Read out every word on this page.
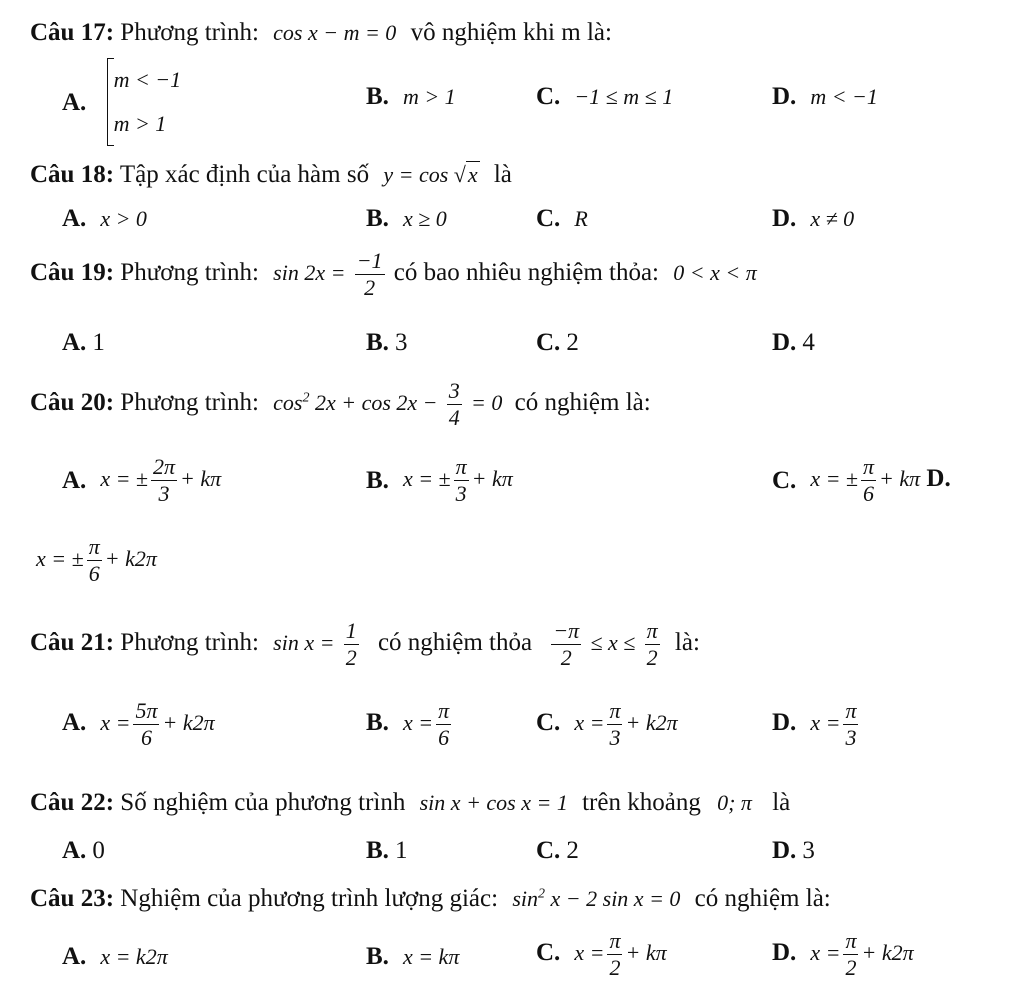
Câu 17: Phương trình: cos x − m = 0 vô nghiệm khi m là:
A.
m < −1
m > 1
B. m > 1	C. −1 ≤ m ≤ 1	D. m < −1
Câu 18: Tập xác định của hàm số y = cos √x là
A. x > 0	B. x ≥ 0	C. R	D. x ≠ 0
Câu 19: Phương trình: $\sin 2x = \frac{-1}{2}$ có bao nhiêu nghiệm thỏa: 0 < x < π
A. 1	B. 3	C. 2	D. 4
Câu 20: Phương trình: $\cos^2 2x + \cos 2x - \frac{3}{4} = 0$ có nghiệm là:
A. x = ± $\frac{2\pi}{3} + k\pi$	B. x = ± $\frac{\pi}{3} + k\pi$	C. x = ± $\frac{\pi}{6} + k\pi$ D.
x = ± $\frac{\pi}{6} + k2\pi$
Câu 21: Phương trình: $\sin x = \frac{1}{2}$ có nghiệm thỏa $\frac{-\pi}{2} \le x \le \frac{\pi}{2}$ là:
A. $x = \frac{5\pi}{6} + k2\pi$	B. $x = \frac{\pi}{6}$	C. $x = \frac{\pi}{3} + k2\pi$	D. $x = \frac{\pi}{3}$
Câu 22: Số nghiệm của phương trình sin x + cos x = 1 trên khoảng 0; π là
A. 0	B. 1	C. 2	D. 3
Câu 23: Nghiệm của phương trình lượng giác: $\sin^2 x - 2$ sin x = 0 có nghiệm là:
A. x = k2π	B. x = kπ	C. $x = \frac{\pi}{2} + k\pi$	D. $x = \frac{\pi}{2} + k2\pi$
